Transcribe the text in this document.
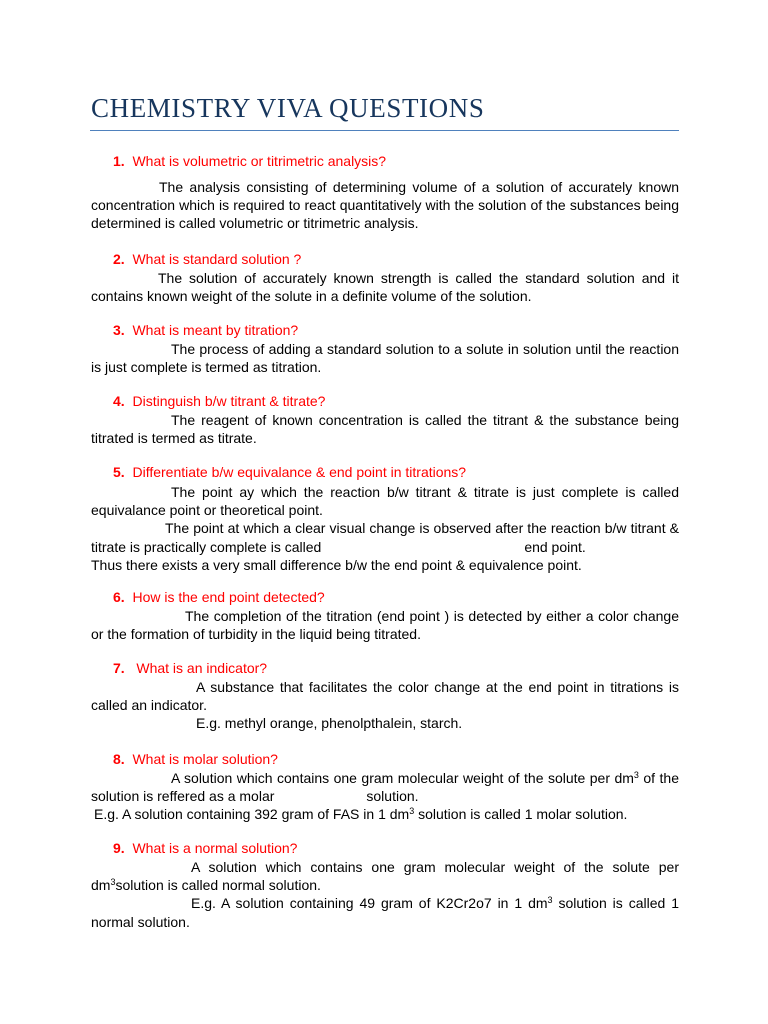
CHEMISTRY VIVA QUESTIONS
1. What is volumetric or titrimetric analysis?

The analysis consisting of determining volume of a solution of accurately known concentration which is required to react quantitatively with the solution of the substances being determined is called volumetric or titrimetric analysis.

2. What is standard solution ?

The solution of accurately known strength is called the standard solution and it contains known weight of the solute in a definite volume of the solution.

3. What is meant by titration?

The process of adding a standard solution to a solute in solution until the reaction is just complete is termed as titration.

4. Distinguish b/w titrant & titrate?

The reagent of known concentration is called the titrant & the substance being titrated is termed as titrate.

5. Differentiate b/w equivalance & end point in titrations?

The point ay which the reaction b/w titrant & titrate is just complete is called equivalance point or theoretical point.

The point at which a clear visual change is observed after the reaction b/w titrant & titrate is practically complete is called	end point.

Thus there exists a very small difference b/w the end point & equivalence point.

6. How is the end point detected?

The completion of the titration (end point ) is detected by either a color change or the formation of turbidity in the liquid being titrated.

7. What is an indicator?

A substance that facilitates the color change at the end point in titrations is called an indicator.

E.g. methyl orange, phenolpthalein, starch.

8. What is molar solution?

A solution which contains one gram molecular weight of the solute per $dm^3$ of the solution is reffered as a molar	solution.

E.g. A solution containing 392 gram of FAS in 1 $dm^3$ solution is called 1 molar solution.

9. What is a normal solution?

A solution which contains one gram molecular weight of the solute per $dm^3solution$ is called normal solution.

E.g. A solution containing 49 gram of K2Cr2o7 in 1 $dm^3$ solution is called 1 normal solution.
